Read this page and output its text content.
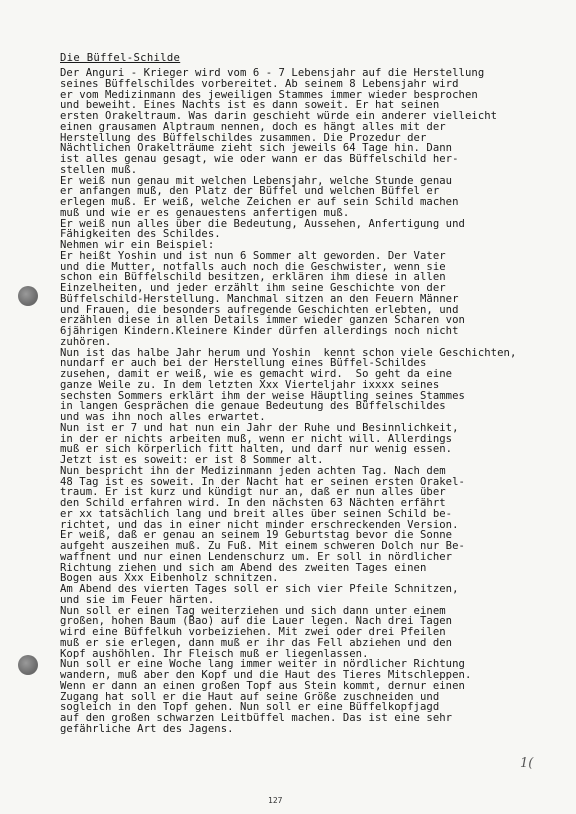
Die Büffel-Schilde
Der Anguri - Krieger wird vom 6 - 7 Lebensjahr auf die Herstellung
seines Büffelschildes vorbereitet. Ab seinem 8 Lebensjahr wird
er vom Medizinmann des jeweiligen Stammes immer wieder besprochen
und beweiht. Eines Nachts ist es dann soweit. Er hat seinen
ersten Orakeltraum. Was darin geschieht würde ein anderer vielleicht
einen grausamen Alptraum nennen, doch es hängt alles mit der
Herstellung des Büffelschildes zusammen. Die Prozedur der
Nächtlichen Orakelträume zieht sich jeweils 64 Tage hin. Dann
ist alles genau gesagt, wie oder wann er das Büffelschild her-
stellen muß.
Er weiß nun genau mit welchen Lebensjahr, welche Stunde genau
er anfangen muß, den Platz der Büffel und welchen Büffel er
erlegen muß. Er weiß, welche Zeichen er auf sein Schild machen
muß und wie er es genauestens anfertigen muß.
Er weiß nun alles über die Bedeutung, Aussehen, Anfertigung und
Fähigkeiten des Schildes.
Nehmen wir ein Beispiel:
Er heißt Yoshin und ist nun 6 Sommer alt geworden. Der Vater
und die Mutter, notfalls auch noch die Geschwister, wenn sie
schon ein Büffelschild besitzen, erklären ihm diese in allen
Einzelheiten, und jeder erzählt ihm seine Geschichte von der
Büffelschild-Herstellung. Manchmal sitzen an den Feuern Männer
und Frauen, die besonders aufregende Geschichten erlebten, und
erzählen diese in allen Details immer wieder ganzen Scharen von
6jährigen Kindern.Kleinere Kinder dürfen allerdings noch nicht
zuhören.
Nun ist das halbe Jahr herum und Yoshin  kennt schon viele Geschichten,
nundarf er auch bei der Herstellung eines Büffel-Schildes
zusehen, damit er weiß, wie es gemacht wird.  So geht da eine
ganze Weile zu. In dem letzten Xxx Vierteljahr ixxxx seines
sechsten Sommers erklärt ihm der weise Häuptling seines Stammes
in langen Gesprächen die genaue Bedeutung des Büffelschildes
und was ihn noch alles erwartet.
Nun ist er 7 und hat nun ein Jahr der Ruhe und Besinnlichkeit,
in der er nichts arbeiten muß, wenn er nicht will. Allerdings
muß er sich körperlich fitt halten, und darf nur wenig essen.
Jetzt ist es soweit: er ist 8 Sommer alt.
Nun bespricht ihn der Medizinmann jeden achten Tag. Nach dem
48 Tag ist es soweit. In der Nacht hat er seinen ersten Orakel-
traum. Er ist kurz und kündigt nur an, daß er nun alles über
den Schild erfahren wird. In den nächsten 63 Nächten erfährt
er xx tatsächlich lang und breit alles über seinen Schild be-
richtet, und das in einer nicht minder erschreckenden Version.
Er weiß, daß er genau an seinem 19 Geburtstag bevor die Sonne
aufgeht auszeihen muß. Zu Fuß. Mit einem schweren Dolch nur Be-
waffnent und nur einen Lendenschurz um. Er soll in nördlicher
Richtung ziehen und sich am Abend des zweiten Tages einen
Bogen aus Xxx Eibenholz schnitzen.
Am Abend des vierten Tages soll er sich vier Pfeile Schnitzen,
und sie im Feuer härten.
Nun soll er einen Tag weiterziehen und sich dann unter einem
großen, hohen Baum (Bao) auf die Lauer legen. Nach drei Tagen
wird eine Büffelkuh vorbeiziehen. Mit zwei oder drei Pfeilen
muß er sie erlegen, dann muß er ihr das Fell abziehen und den
Kopf aushöhlen. Ihr Fleisch muß er liegenlassen.
Nun soll er eine Woche lang immer weiter in nördlicher Richtung
wandern, muß aber den Kopf und die Haut des Tieres Mitschleppen.
Wenn er dann an einen großen Topf aus Stein kommt, dernur einen
Zugang hat soll er die Haut auf seine Größe zuschneiden und
sogleich in den Topf gehen. Nun soll er eine Büffelkopfjagd
auf den großen schwarzen Leitbüffel machen. Das ist eine sehr
gefährliche Art des Jagens.
1(
127
